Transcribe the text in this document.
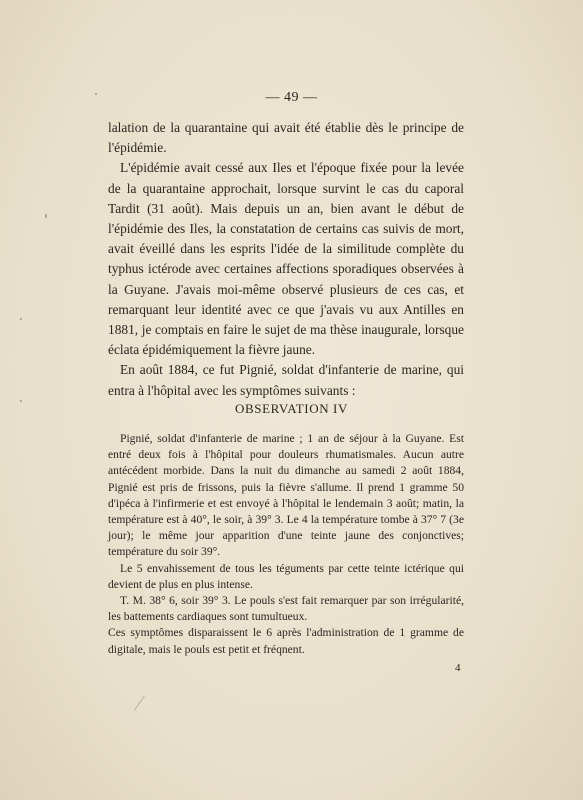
— 49 —

lalation de la quarantaine qui avait été établie dès le principe de l'épidémie.

L'épidémie avait cessé aux Iles et l'époque fixée pour la levée de la quarantaine approchait, lorsque survint le cas du caporal Tardit (31 août). Mais depuis un an, bien avant le début de l'épidémie des Iles, la constatation de certains cas suivis de mort, avait éveillé dans les esprits l'idée de la similitude complète du typhus ictérode avec certaines affections sporadiques observées à la Guyane. J'avais moi-même observé plusieurs de ces cas, et remarquant leur identité avec ce que j'avais vu aux Antilles en 1881, je comptais en faire le sujet de ma thèse inaugurale, lorsque éclata épidémiquement la fièvre jaune.

En août 1884, ce fut Pignié, soldat d'infanterie de marine, qui entra à l'hôpital avec les symptômes suivants :

OBSERVATION IV

Pignié, soldat d'infanterie de marine ; 1 an de séjour à la Guyane. Est entré deux fois à l'hôpital pour douleurs rhumatismales. Aucun autre antécédent morbide. Dans la nuit du dimanche au samedi 2 août 1884, Pignié est pris de frissons, puis la fièvre s'allume. Il prend 1 gramme 50 d'ipéca à l'infirmerie et est envoyé à l'hôpital le lendemain 3 août; matin, la température est à 40°, le soir, à 39° 3. Le 4 la température tombe à 37° 7 (3e jour); le même jour apparition d'une teinte jaune des conjonctives; température du soir 39°.

Le 5 envahissement de tous les téguments par cette teinte ictérique qui devient de plus en plus intense.

T. M. 38° 6, soir 39° 3. Le pouls s'est fait remarquer par son irrégularité, les battements cardiaques sont tumultueux.

Ces symptômes disparaissent le 6 après l'administration de 1 gramme de digitale, mais le pouls est petit et fréqnent.

4
